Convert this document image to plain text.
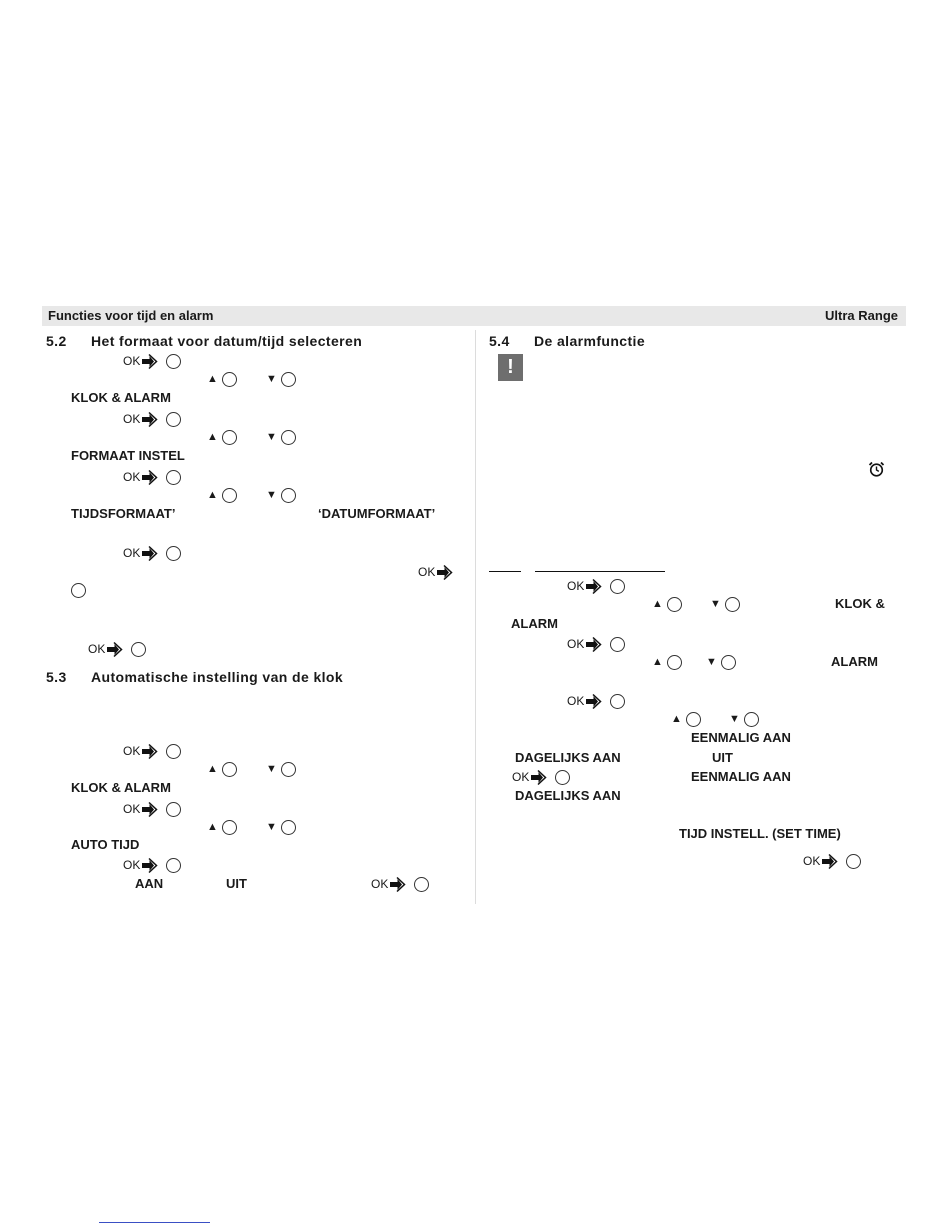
Functies voor tijd en alarm	Ultra Range
5.2 Het formaat voor datum/tijd selecteren
OK
▲	▼
KLOK & ALARM
OK
▲	▼
FORMAAT INSTEL
OK
▲	▼
TIJDSFORMAAT’	‘DATUMFORMAAT’
OK
OK
OK
5.3 Automatische instelling van de klok
OK
▲	▼
KLOK & ALARM
OK
▲	▼
AUTO TIJD
OK
AAN	UIT	OK
5.4 De alarmfunctie
!
OK
▲	▼	KLOK &
ALARM
OK
▲	▼	ALARM
OK
▲	▼
EENMALIG AAN
DAGELIJKS AAN	UIT
OK	EENMALIG AAN
DAGELIJKS AAN
TIJD INSTELL. (SET TIME)
OK
